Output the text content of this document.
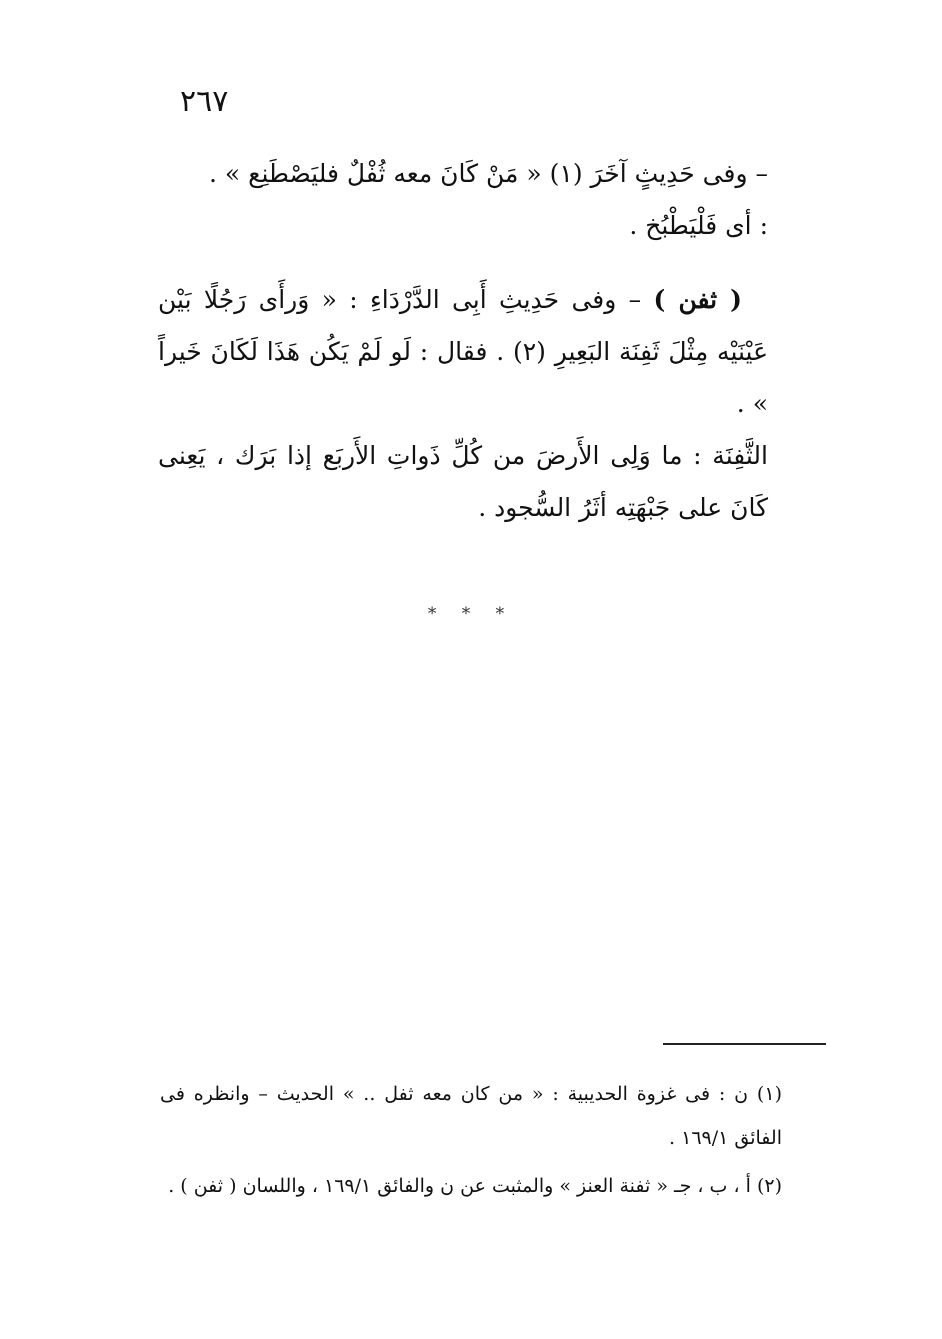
٢٦٧

– وفى حَدِيثٍ آخَرَ (١) « مَنْ كَانَ معه ثُفْلٌ فليَصْطَنِع » .

: أى فَلْيَطْبُخ .

( ثفن ) – وفى حَدِيثِ أَبِى الدَّرْدَاءِ : « وَرأَى رَجُلًا بَيْن عَيْنَيْه مِثْلَ ثَفِنَة البَعِيرِ (٢) . فقال : لَو لَمْ يَكُن هَذَا لَكَانَ خَيراً » .

الثَّفِنَة : ما وَلِى الأَرضَ من كُلِّ ذَواتِ الأَربَع إذا بَرَك ، يَعِنى كَانَ على جَبْهَتِه أثَرُ السُّجود .

* * *

(١) ن : فى غزوة الحديبية : « من كان معه ثفل .. » الحديث – وانظره فى الفائق ١٦٩/١ .

(٢) أ ، ب ، جـ « ثفنة العنز » والمثبت عن ن والفائق ١٦٩/١ ، واللسان ( ثفن ) .
